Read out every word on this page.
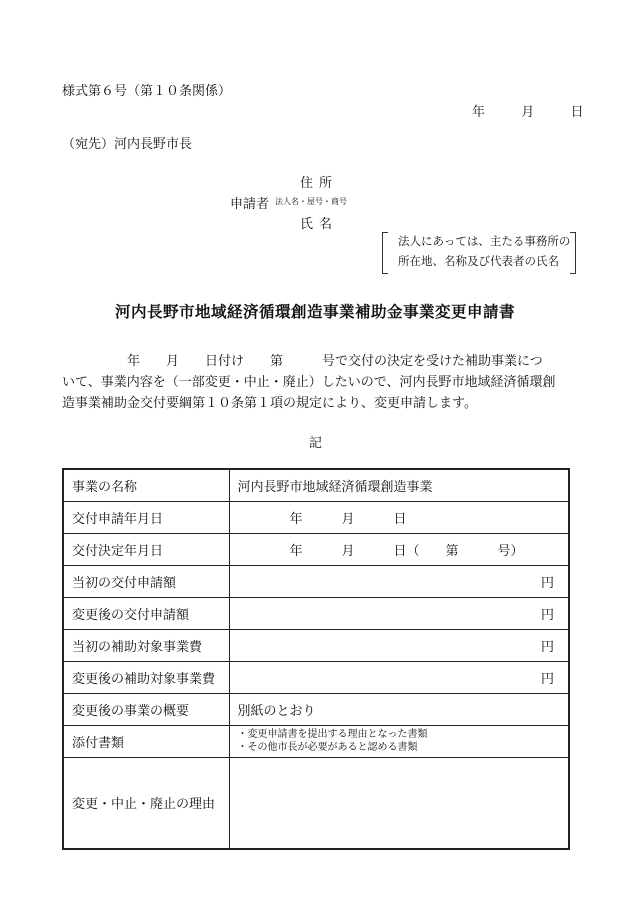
様式第６号（第１０条関係）
年	月	日
（宛先）河内長野市長
住所
申請者 法人名・屋号・商号
氏名
法人にあっては、主たる事務所の
所在地、名称及び代表者の氏名
河内長野市地域経済循環創造事業補助金事業変更申請書
　　　　　年　　月　　日付け　　第　　　号で交付の決定を受けた補助事業につ
いて、事業内容を（一部変更・中止・廃止）したいので、河内長野市地域経済循環創
造事業補助金交付要綱第１０条第１項の規定により、変更申請します。
記
事業の名称	河内長野市地域経済循環創造事業
交付申請年月日	　　　　年　　　月　　　日
交付決定年月日	　　　　年　　　月　　　日（　　第　　　号）
当初の交付申請額	円

変更後の交付申請額	円

当初の補助対象事業費	円

変更後の補助対象事業費	円

変更後の事業の概要	別紙のとおり
添付書類	・変更申請書を提出する理由となった書類
・その他市長が必要があると認める書類

変更・中止・廃止の理由	
